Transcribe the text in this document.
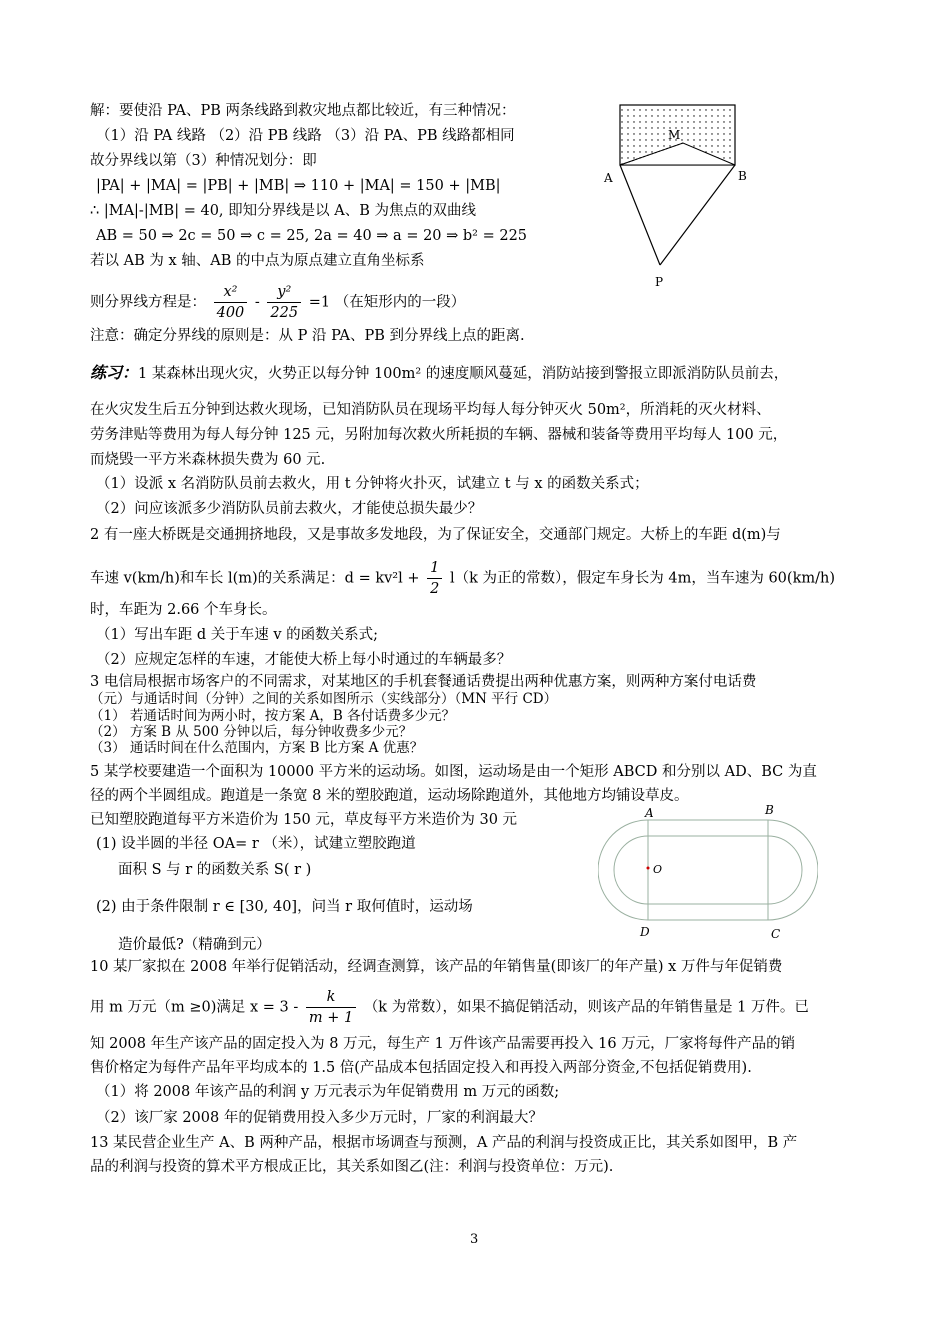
解：要使沿 PA、PB 两条线路到救灾地点都比较近，有三种情况：
（1）沿 PA 线路 （2）沿 PB 线路 （3）沿 PA、PB 线路都相同
故分界线以第（3）种情况划分：即
|PA| + |MA| = |PB| + |MB| ⇒ 110 + |MA| = 150 + |MB|
∴ |MA|-|MB| = 40, 即知分界线是以 A、B 为焦点的双曲线
AB = 50 ⇒ 2c = 50 ⇒ c = 25, 2a = 40 ⇒ a = 20 ⇒ b² = 225
若以 AB 为 x 轴、AB 的中点为原点建立直角坐标系
则分界线方程是： $\frac{\text{x²}}{400} - \frac{\text{y²}}{225} =1$ （在矩形内的一段）
注意：确定分界线的原则是：从 P 沿 PA、PB 到分界线上点的距离.
M
A	B
P
练习：1 某森林出现火灾，火势正以每分钟 100m² 的速度顺风蔓延，消防站接到警报立即派消防队员前去，
在火灾发生后五分钟到达救火现场，已知消防队员在现场平均每人每分钟灭火 50m²，所消耗的灭火材料、
劳务津贴等费用为每人每分钟 125 元，另附加每次救火所耗损的车辆、器械和装备等费用平均每人 100 元，
而烧毁一平方米森林损失费为 60 元.
（1）设派 x 名消防队员前去救火，用 t 分钟将火扑灭，试建立 t 与 x 的函数关系式；
（2）问应该派多少消防队员前去救火，才能使总损失最少？
2 有一座大桥既是交通拥挤地段，又是事故多发地段，为了保证安全，交通部门规定。大桥上的车距 d(m)与
车速 v(km/h)和车长 l(m)的关系满足：$d = kv^2l + \frac{1}{2} l(k$ 为正的常数），假定车身长为 4m，当车速为 60(km/h)
时，车距为 2.66 个车身长。
（1）写出车距 d 关于车速 v 的函数关系式;
（2）应规定怎样的车速，才能使大桥上每小时通过的车辆最多？
3 电信局根据市场客户的不同需求，对某地区的手机套餐通话费提出两种优惠方案，则两种方案付电话费
（元）与通话时间（分钟）之间的关系如图所示（实线部分）（MN 平行 CD）
（1） 若通话时间为两小时，按方案 A，B 各付话费多少元？
（2） 方案 B 从 500 分钟以后，每分钟收费多少元？
（3） 通话时间在什么范围内，方案 B 比方案 A 优惠？
5 某学校要建造一个面积为 10000 平方米的运动场。如图，运动场是由一个矩形 ABCD 和分别以 AD、BC 为直
径的两个半圆组成。跑道是一条宽 8 米的塑胶跑道，运动场除跑道外，其他地方均铺设草皮。
已知塑胶跑道每平方米造价为 150 元，草皮每平方米造价为 30 元
(1) 设半圆的半径 OA= r （米），试建立塑胶跑道
面积 S 与 r 的函数关系 S( r )
(2) 由于条件限制 r ∈ [30, 40]，问当 r 取何值时，运动场
造价最低?（精确到元）
A	B
C
D
O
10 某厂家拟在 2008 年举行促销活动，经调查测算，该产品的年销售量(即该厂的年产量) x 万件与年促销费
用 m 万元（m ≥0)满足 $x = 3 - \frac{k}{m + 1} (k$ 为常数），如果不搞促销活动，则该产品的年销售量是 1 万件。已
知 2008 年生产该产品的固定投入为 8 万元，每生产 1 万件该产品需要再投入 16 万元，厂家将每件产品的销
售价格定为每件产品年平均成本的 1.5 倍(产品成本包括固定投入和再投入两部分资金,不包括促销费用).
（1）将 2008 年该产品的利润 y 万元表示为年促销费用 m 万元的函数;
（2）该厂家 2008 年的促销费用投入多少万元时，厂家的利润最大？
13 某民营企业生产 A、B 两种产品，根据市场调查与预测，A 产品的利润与投资成正比，其关系如图甲，B 产
品的利润与投资的算术平方根成正比，其关系如图乙(注：利润与投资单位：万元).
3
